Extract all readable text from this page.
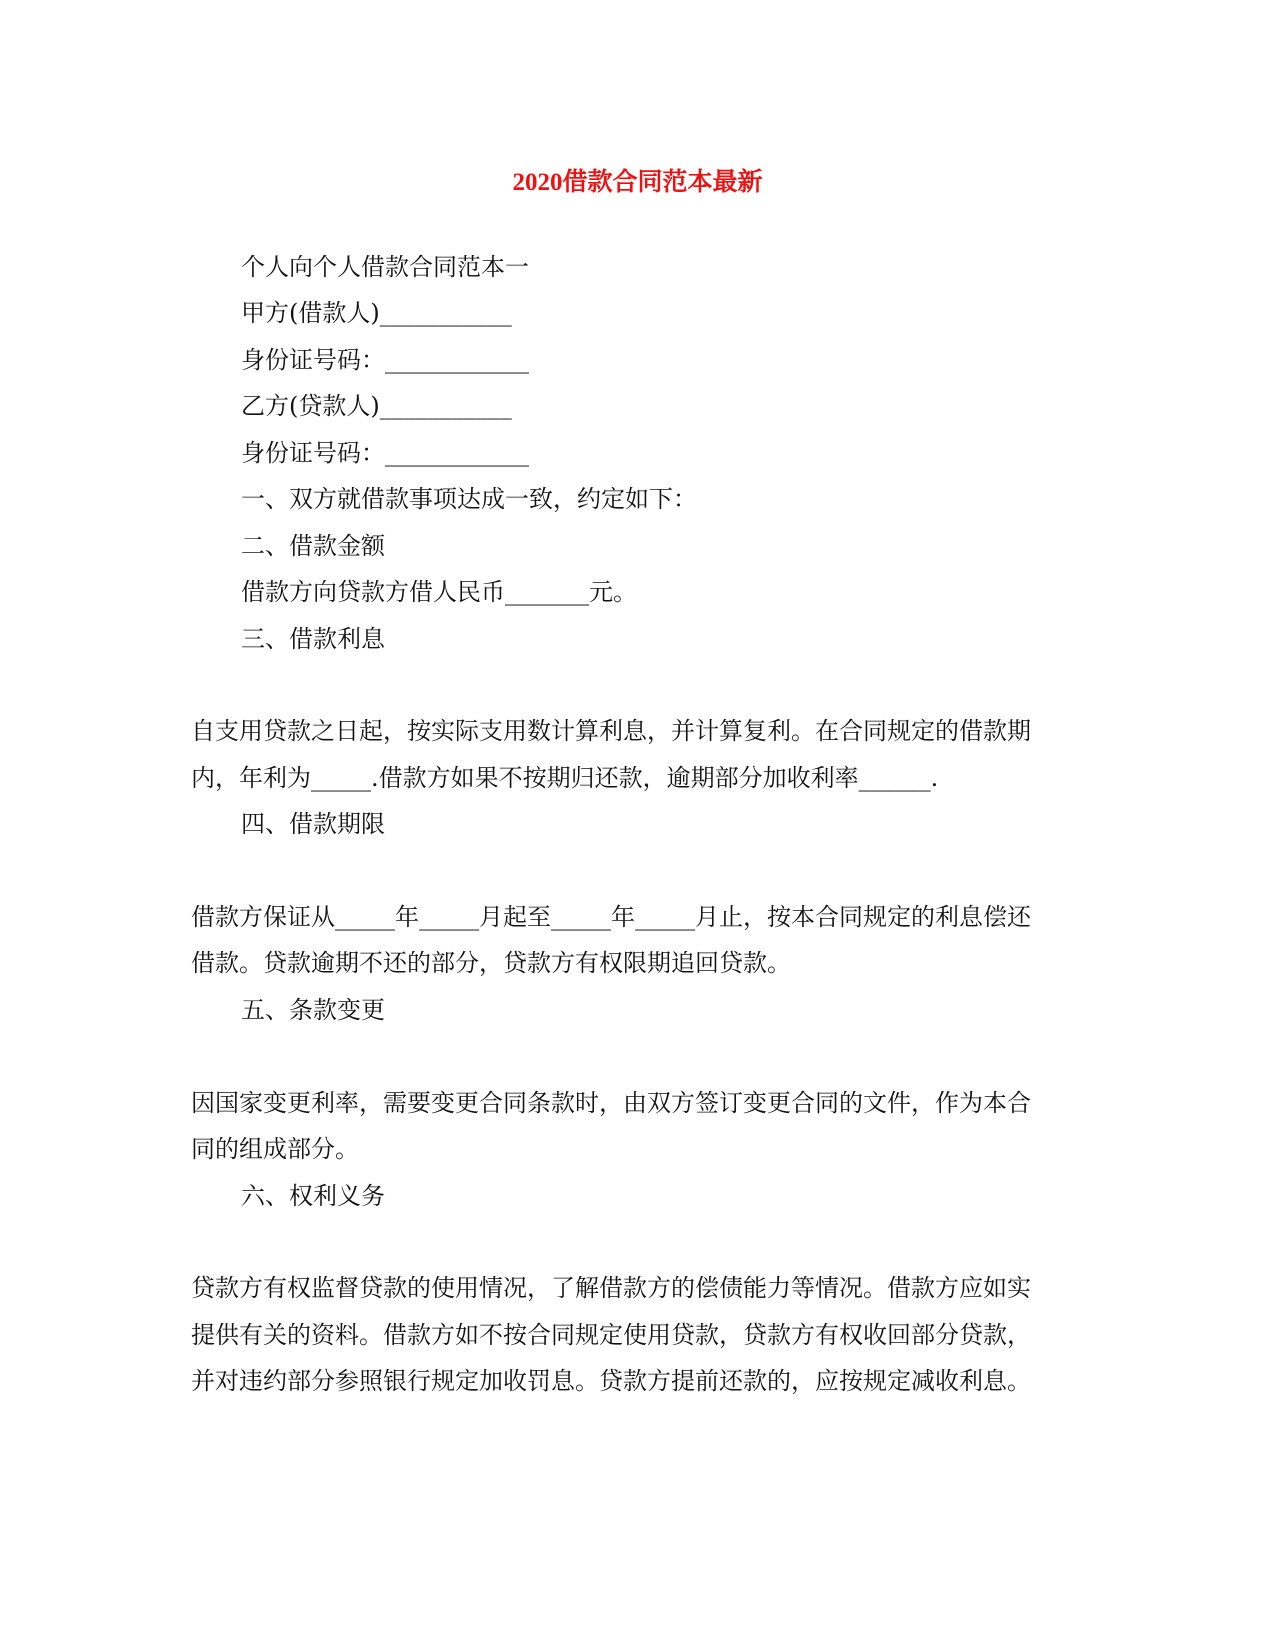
2020借款合同范本最新
个人向个人借款合同范本一
甲方(借款人)___________
身份证号码：____________
乙方(贷款人)___________
身份证号码：____________
一、双方就借款事项达成一致，约定如下：
二、借款金额
借款方向贷款方借人民币_______元。
三、借款利息
自支用贷款之日起，按实际支用数计算利息，并计算复利。在合同规定的借款期
内，年利为_____.借款方如果不按期归还款，逾期部分加收利率______.
四、借款期限
借款方保证从_____年_____月起至_____年_____月止，按本合同规定的利息偿还
借款。贷款逾期不还的部分，贷款方有权限期追回贷款。
五、条款变更
因国家变更利率，需要变更合同条款时，由双方签订变更合同的文件，作为本合
同的组成部分。
六、权利义务
贷款方有权监督贷款的使用情况，了解借款方的偿债能力等情况。借款方应如实
提供有关的资料。借款方如不按合同规定使用贷款，贷款方有权收回部分贷款，
并对违约部分参照银行规定加收罚息。贷款方提前还款的，应按规定减收利息。
